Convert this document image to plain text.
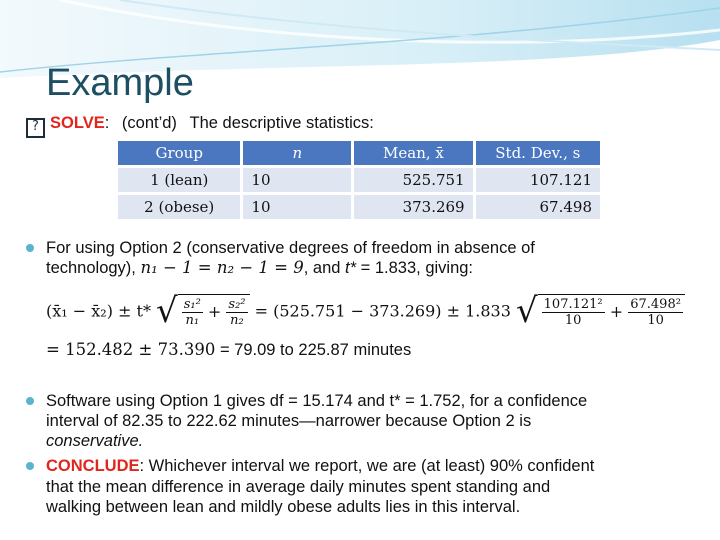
Example
? SOLVE: (cont’d) The descriptive statistics:
Group	n	Mean, x̄	Std. Dev., s
1 (lean)	10	525.751	107.121
2 (obese)	10	373.269	67.498
For using Option 2 (conservative degrees of freedom in absence of
technology), n₁ − 1 = n₂ − 1 = 9, and t* = 1.833, giving:
(x̄₁ − x̄₂) ± t* √ $\frac{\text{s₁²}}{\text{n₁}} + \frac{\text{s₂²}}{\text{n₂}} = (525.751 - 373.269) \pm 1.833$ √ $\frac{\text{107.121²}}{10} + \frac{\text{67.498²}}{10}$
= 152.482 ± 73.390 = 79.09 to 225.87 minutes
Software using Option 1 gives df = 15.174 and t* = 1.752, for a confidence
interval of 82.35 to 222.62 minutes—narrower because Option 2 is
conservative.
CONCLUDE: Whichever interval we report, we are (at least) 90% confident
that the mean difference in average daily minutes spent standing and
walking between lean and mildly obese adults lies in this interval.
